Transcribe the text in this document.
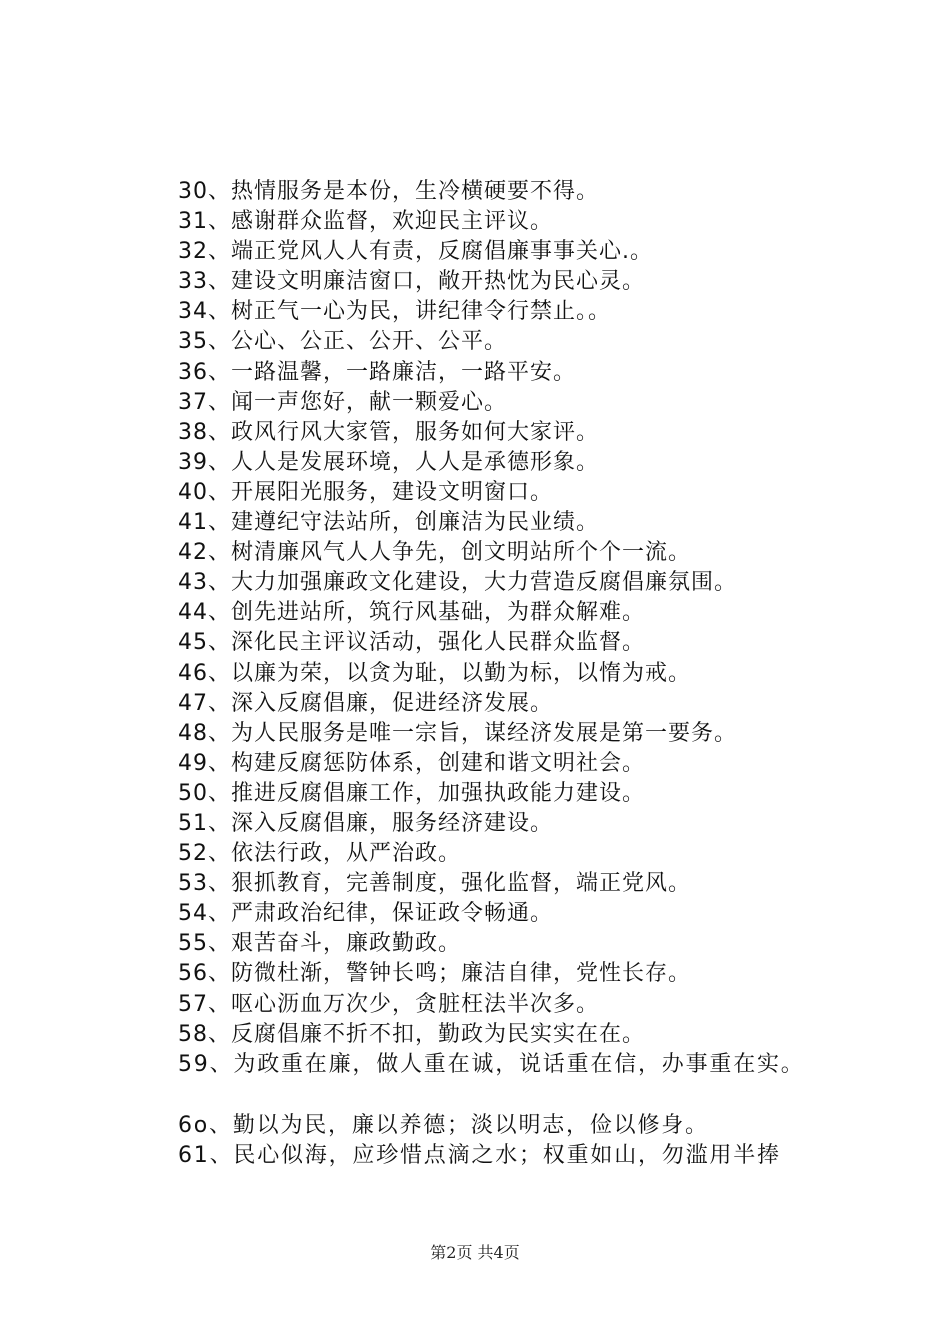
30、热情服务是本份，生冷横硬要不得。
31、感谢群众监督，欢迎民主评议。
32、端正党风人人有责，反腐倡廉事事关心.。
33、建设文明廉洁窗口，敞开热忱为民心灵。
34、树正气一心为民，讲纪律令行禁止。。
35、公心、公正、公开、公平。
36、一路温馨，一路廉洁，一路平安。
37、闻一声您好，献一颗爱心。
38、政风行风大家管，服务如何大家评。
39、人人是发展环境，人人是承德形象。
40、开展阳光服务，建设文明窗口。
41、建遵纪守法站所，创廉洁为民业绩。
42、树清廉风气人人争先，创文明站所个个一流。
43、大力加强廉政文化建设，大力营造反腐倡廉氛围。
44、创先进站所，筑行风基础，为群众解难。
45、深化民主评议活动，强化人民群众监督。
46、以廉为荣，以贪为耻，以勤为标，以惰为戒。
47、深入反腐倡廉，促进经济发展。
48、为人民服务是唯一宗旨，谋经济发展是第一要务。
49、构建反腐惩防体系，创建和谐文明社会。
50、推进反腐倡廉工作，加强执政能力建设。
51、深入反腐倡廉，服务经济建设。
52、依法行政，从严治政。
53、狠抓教育，完善制度，强化监督，端正党风。
54、严肃政治纪律，保证政令畅通。
55、艰苦奋斗，廉政勤政。
56、防微杜渐，警钟长鸣；廉洁自律，党性长存。
57、呕心沥血万次少，贪脏枉法半次多。
58、反腐倡廉不折不扣，勤政为民实实在在。
59、为政重在廉，做人重在诚，说话重在信，办事重在实。
6o、勤以为民，廉以养德；淡以明志，俭以修身。
61、民心似海，应珍惜点滴之水；权重如山，勿滥用半捧
第2页 共4页
